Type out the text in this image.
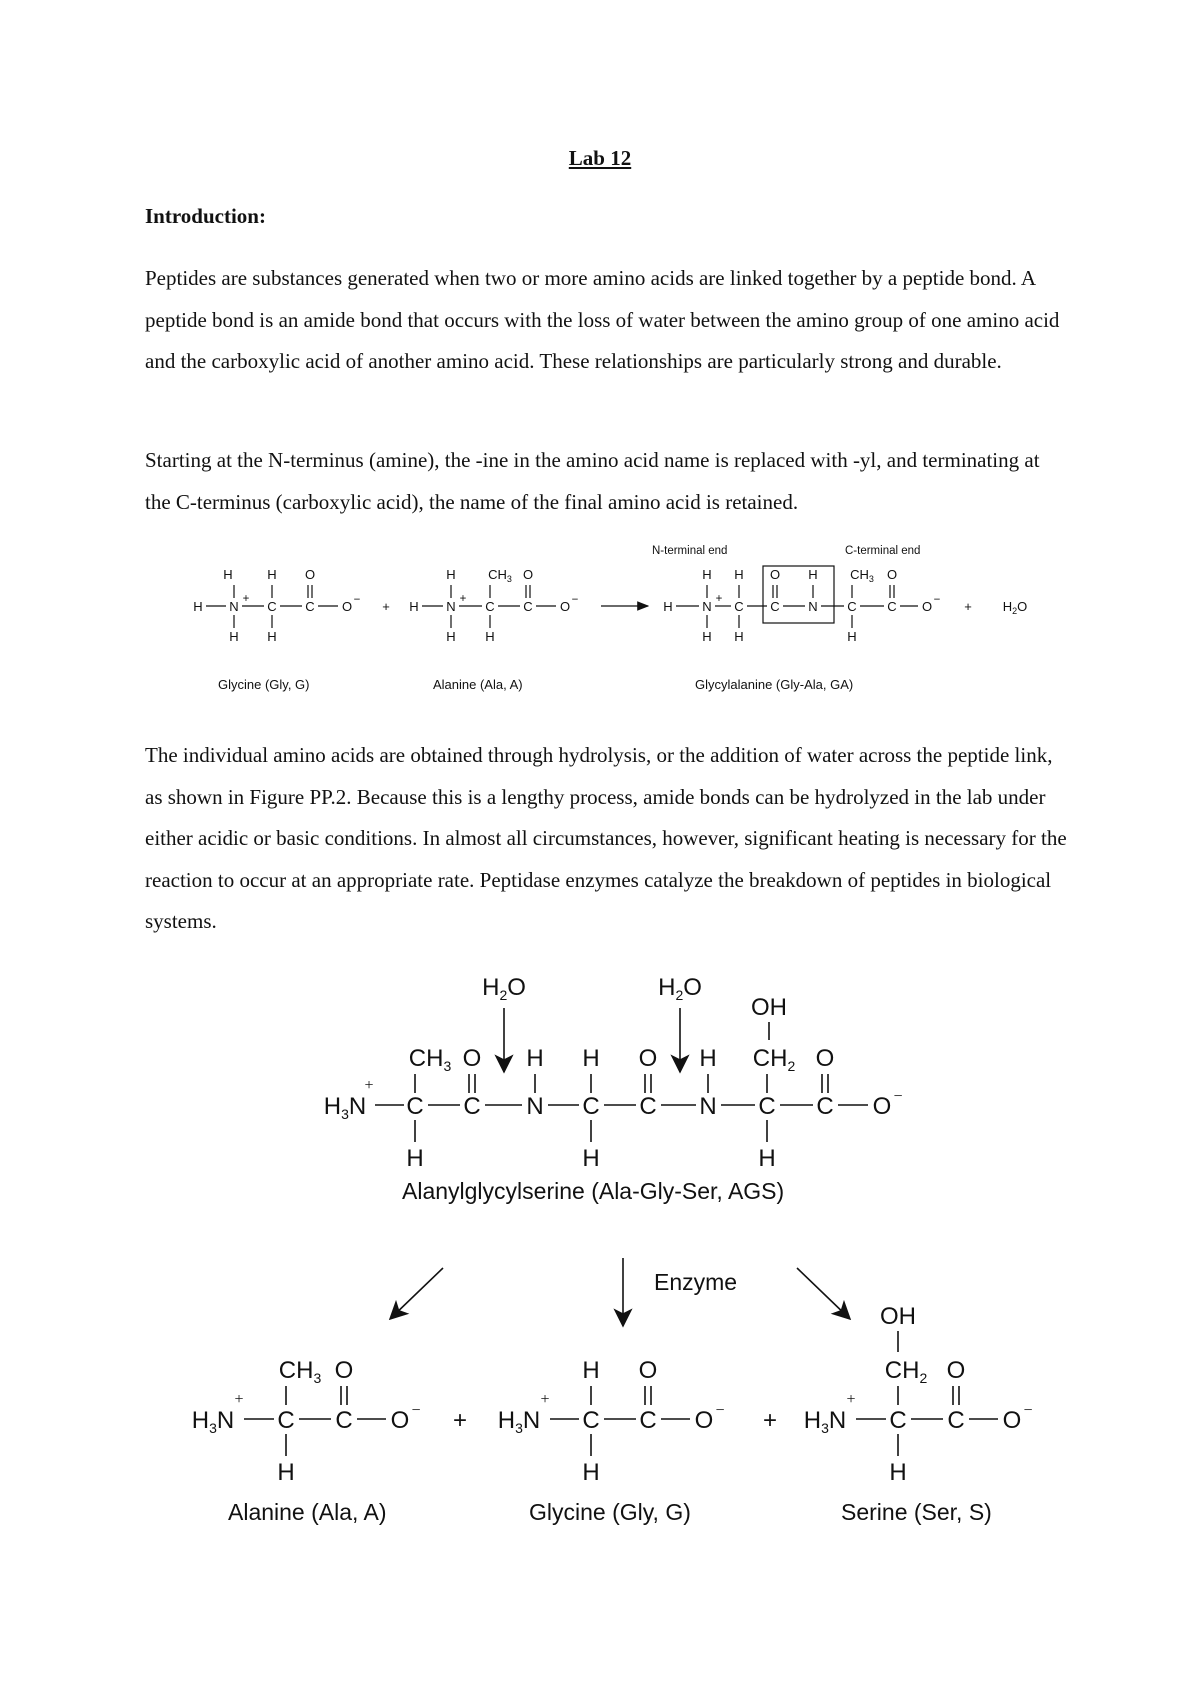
Lab 12
Introduction:

Peptides are substances generated when two or more amino acids are linked together by a peptide bond. A peptide bond is an amide bond that occurs with the loss of water between the amino group of one amino acid and the carboxylic acid of another amino acid. These relationships are particularly strong and durable.

Starting at the N-terminus (amine), the -ine in the amino acid name is replaced with -yl, and terminating at the C-terminus (carboxylic acid), the name of the final amino acid is retained.

The individual amino acids are obtained through hydrolysis, or the addition of water across the peptide link, as shown in Figure PP.2. Because this is a lengthy process, amide bonds can be hydrolyzed in the lab under either acidic or basic conditions. In almost all circumstances, however, significant heating is necessary for the reaction to occur at an appropriate rate. Peptidase enzymes catalyze the breakdown of peptides in biological systems.

H	H O
H N + C C O −
H H
+
H $CH_3$ O
H N + C C O −
H H
N-terminal end	C-terminal end
H H O H $CH_3$ O
H N + C C N C C O −
H H	H
+ $H_2O$
Glycine (Gly, G)	Alanine (Ala, A)	Glycylalanine (Gly-Ala, GA)
$H_2O$	$H_2O$
OH
$CH_3$ O H H O H $CH_2$ O
$H_3N$
+
C C N C C N C C O −
H	H	H
Alanylglycylserine (Ala-Gly-Ser, AGS)
Enzyme
$CH_3$ O
$H_3N$
+
C C O −
H
+
H O
$H_3N$
+
C C O −
H
+
OH
$CH_2$ O
$H_3N$
+
C C O −
H
Alanine (Ala, A)	Glycine (Gly, G)	Serine (Ser, S)
